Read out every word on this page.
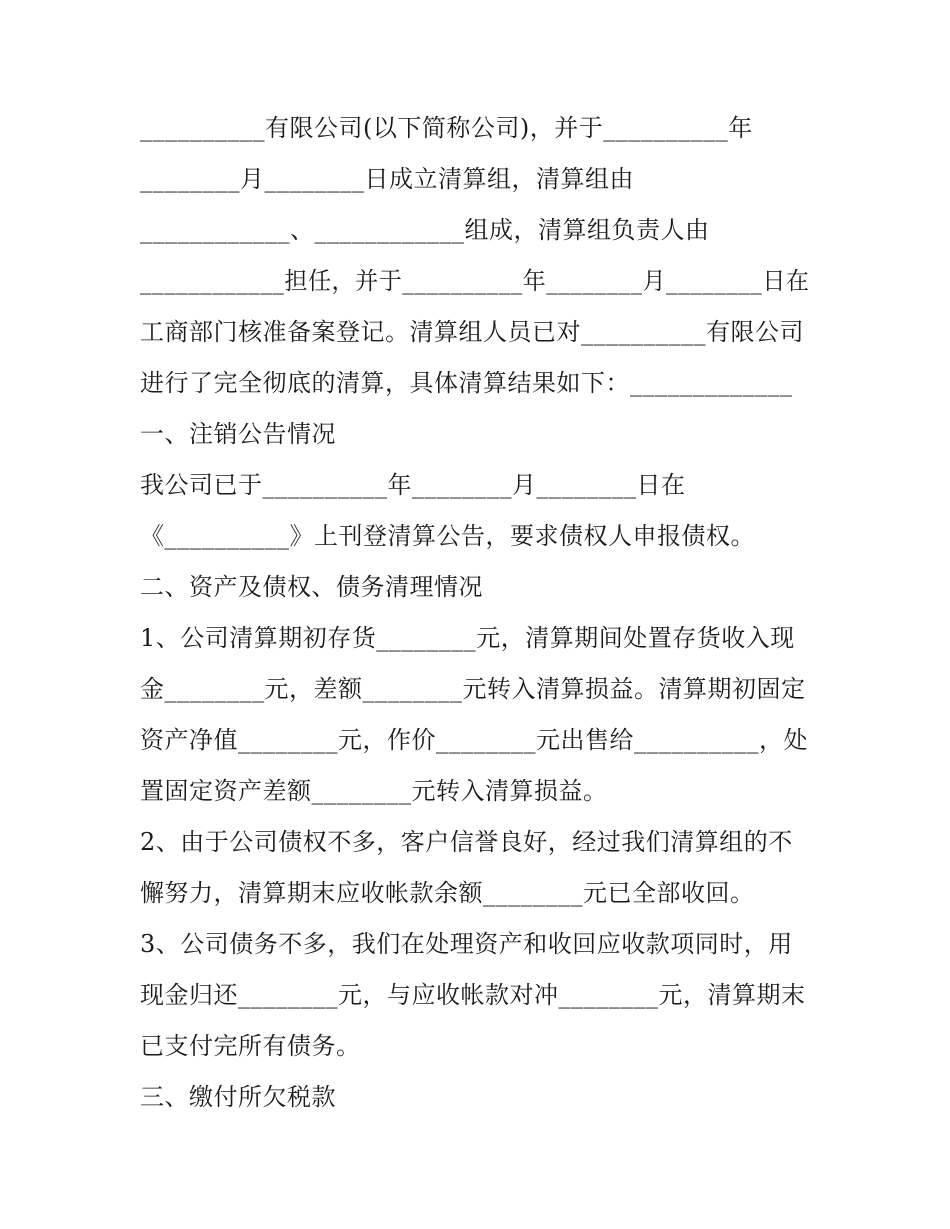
__________有限公司(以下简称公司)，并于__________年

________月________日成立清算组，清算组由

____________、____________组成，清算组负责人由

____________担任，并于__________年________月________日在

工商部门核准备案登记。清算组人员已对__________有限公司

进行了完全彻底的清算，具体清算结果如下：_____________

一、注销公告情况

我公司已于__________年________月________日在

《__________》上刊登清算公告，要求债权人申报债权。

二、资产及债权、债务清理情况

1、公司清算期初存货________元，清算期间处置存货收入现

金________元，差额________元转入清算损益。清算期初固定

资产净值________元，作价________元出售给__________，处

置固定资产差额________元转入清算损益。

2、由于公司债权不多，客户信誉良好，经过我们清算组的不

懈努力，清算期末应收帐款余额________元已全部收回。

3、公司债务不多，我们在处理资产和收回应收款项同时，用

现金归还________元，与应收帐款对冲________元，清算期末

已支付完所有债务。

三、缴付所欠税款
